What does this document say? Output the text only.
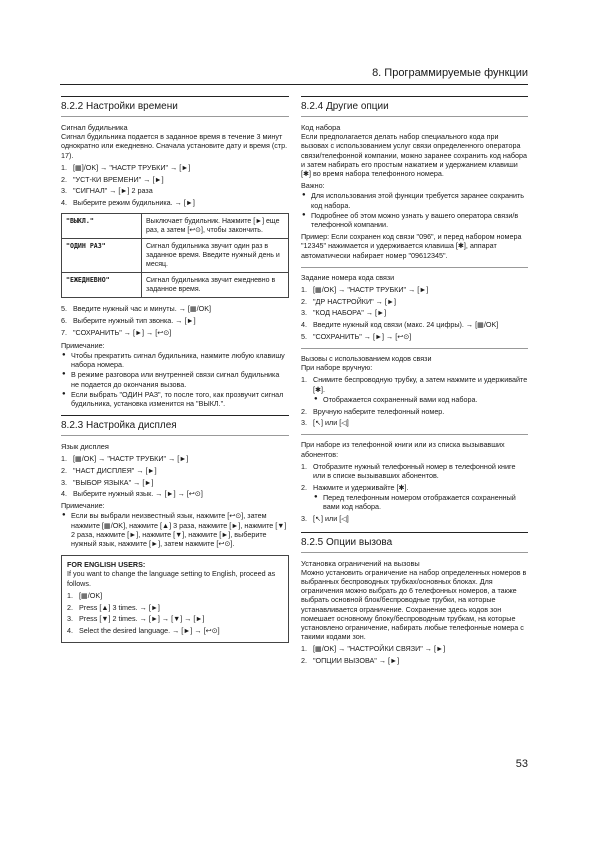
8. Программируемые функции
8.2.2 Настройки времени

Сигнал будильника

Сигнал будильника подается в заданное время в течение 3 минут однократно или ежедневно. Сначала установите дату и время (стр. 17).

1. [▦]/OK] → "НАСТР ТРУБКИ" → [►]
2. "УСТ-КИ ВРЕМЕНИ" → [►]
3. "СИГНАЛ" → [►] 2 раза
4. Выберите режим будильника. → [►]
"ВЫКЛ."	Выключает будильник. Нажмите [►] еще раз, а затем [↩⊙], чтобы закончить.
"ОДИН РАЗ"	Сигнал будильника звучит один раз в заданное время. Введите нужный день и месяц.
"ЕЖЕДНЕВНО"	Сигнал будильника звучит ежедневно в заданное время.
5. Введите нужный час и минуты. → [▦/OK]
6. Выберите нужный тип звонка. → [►]
7. "СОХРАНИТЬ" → [►] → [↩⊙]

Примечание:

● Чтобы прекратить сигнал будильника, нажмите любую клавишу набора номера.
● В режиме разговора или внутренней связи сигнал будильника не подается до окончания вызова.
● Если выбрать "ОДИН РАЗ", то после того, как прозвучит сигнал будильника, установка изменится на "ВЫКЛ.".
8.2.3 Настройка дисплея

Язык дисплея

1. [▦/OK] → "НАСТР ТРУБКИ" → [►]
2. "НАСТ ДИСПЛЕЯ" → [►]
3. "ВЫБОР ЯЗЫКА" → [►]
4. Выберите нужный язык. → [►] → [↩⊙]

Примечание:

● Если вы выбрали неизвестный язык, нажмите [↩⊙], затем нажмите [▦/OK], нажмите [▲] 3 раза, нажмите [►], нажмите [▼] 2 раза, нажмите [►], нажмите [▼], нажмите [►], выберите нужный язык, нажмите [►], затем нажмите [↩⊙].
FOR ENGLISH USERS:

If you want to change the language setting to English, proceed as follows.

1. [▦/OK]
2. Press [▲] 3 times. → [►]
3. Press [▼] 2 times. → [►] → [▼] → [►]
4. Select the desired language. → [►] → [↩⊙]
8.2.4 Другие опции

Код набора

Если предполагается делать набор специального кода при вызовах с использованием услуг связи определенного оператора связи/телефонной компании, можно заранее сохранить код набора и затем набирать его простым нажатием и удержанием клавиши [✱] во время набора телефонного номера.

Важно:

● Для использования этой функции требуется заранее сохранить код набора.
● Подробнее об этом можно узнать у вашего оператора связи/в телефонной компании.

Пример: Если сохранен код связи "096", и перед набором номера "12345" нажимается и удерживается клавиша [✱], аппарат автоматически набирает номер "09612345".

Задание номера кода связи

1. [▦/OK] → "НАСТР ТРУБКИ" → [►]
2. "ДР НАСТРОЙКИ" → [►]
3. "КОД НАБОРА" → [►]
4. Введите нужный код связи (макс. 24 цифры). → [▦/OK]
5. "СОХРАНИТЬ" → [►] → [↩⊙]

Вызовы с использованием кодов связи

При наборе вручную:

1. Снимите беспроводную трубку, а затем нажмите и удерживайте [✱].
● Отображается сохраненный вами код набора.
2. Вручную наберите телефонный номер.
3. [↖] или [◁]

При наборе из телефонной книги или из списка вызывавших абонентов:

1. Отобразите нужный телефонный номер в телефонной книге или в списке вызывавших абонентов.
2. Нажмите и удерживайте [✱].
● Перед телефонным номером отображается сохраненный вами код набора.
3. [↖] или [◁]
8.2.5 Опции вызова

Установка ограничений на вызовы

Можно установить ограничение на набор определенных номеров в выбранных беспроводных трубках/основных блоках. Для ограничения можно выбрать до 6 телефонных номеров, а также выбрать основной блок/беспроводные трубки, на которые устанавливается ограничение. Сохранение здесь кодов зон помешает основному блоку/беспроводным трубкам, на которые установлено ограничение, набирать любые телефонные номера с такими кодами зон.

1. [▦/OK] → "НАСТРОЙКИ СВЯЗИ" → [►]
2. "ОПЦИИ ВЫЗОВА" → [►]
53
